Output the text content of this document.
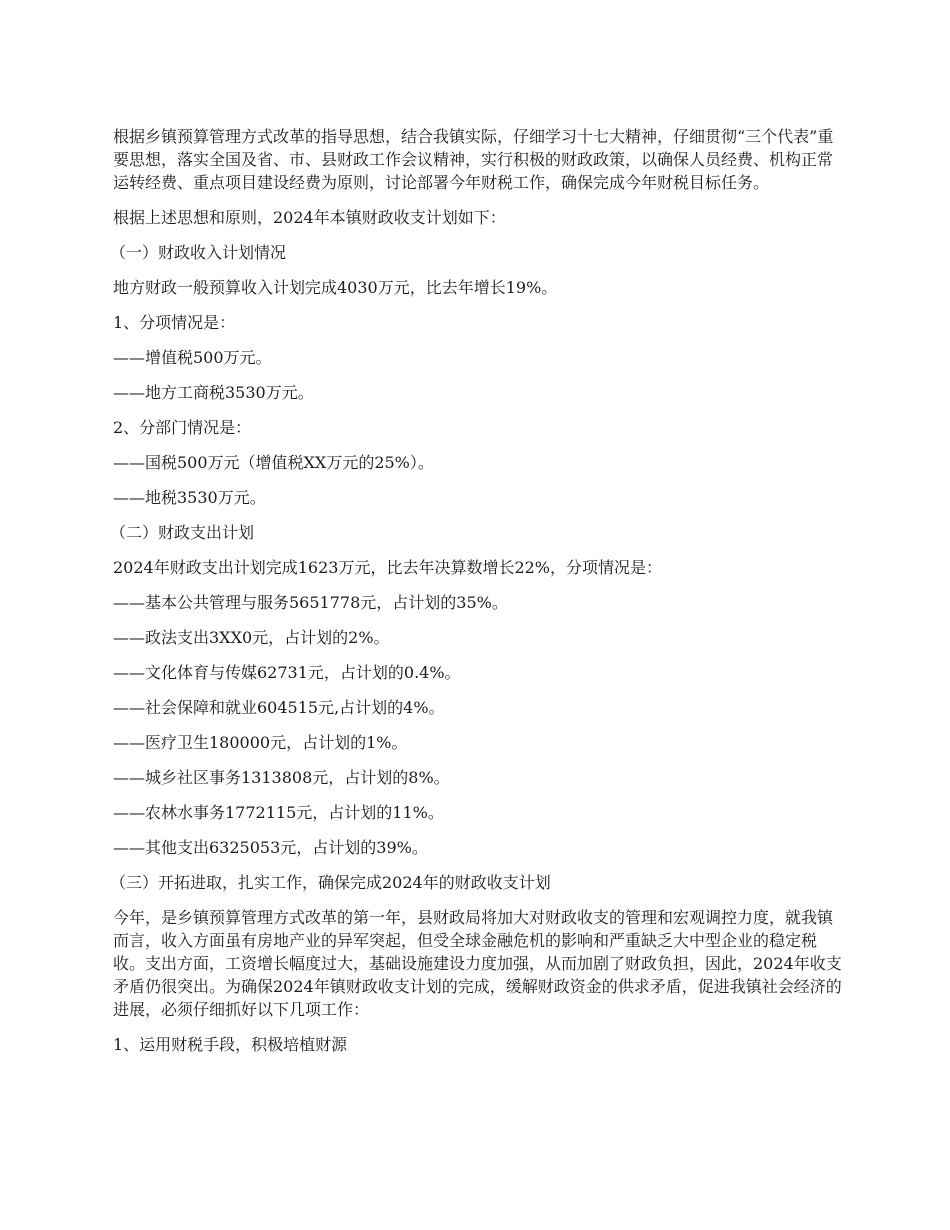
根据乡镇预算管理方式改革的指导思想，结合我镇实际，仔细学习十七大精神，仔细贯彻“三个代表”重要思想，落实全国及省、市、县财政工作会议精神，实行积极的财政政策，以确保人员经费、机构正常运转经费、重点项目建设经费为原则，讨论部署今年财税工作，确保完成今年财税目标任务。

根据上述思想和原则，2024年本镇财政收支计划如下：

（一）财政收入计划情况

地方财政一般预算收入计划完成4030万元，比去年增长19%。

1、分项情况是：

——增值税500万元。

——地方工商税3530万元。

2、分部门情况是：

——国税500万元（增值税XX万元的25%）。

——地税3530万元。

（二）财政支出计划

2024年财政支出计划完成1623万元，比去年决算数增长22%，分项情况是：

——基本公共管理与服务5651778元，占计划的35%。

——政法支出3XX0元，占计划的2%。

——文化体育与传媒62731元，占计划的0.4%。

——社会保障和就业604515元,占计划的4%。

——医疗卫生180000元，占计划的1%。

——城乡社区事务1313808元，占计划的8%。

——农林水事务1772115元，占计划的11%。

——其他支出6325053元，占计划的39%。

（三）开拓进取，扎实工作，确保完成2024年的财政收支计划

今年，是乡镇预算管理方式改革的第一年，县财政局将加大对财政收支的管理和宏观调控力度，就我镇而言，收入方面虽有房地产业的异军突起，但受全球金融危机的影响和严重缺乏大中型企业的稳定税收。支出方面，工资增长幅度过大，基础设施建设力度加强，从而加剧了财政负担，因此，2024年收支矛盾仍很突出。为确保2024年镇财政收支计划的完成，缓解财政资金的供求矛盾，促进我镇社会经济的进展，必须仔细抓好以下几项工作：

1、运用财税手段，积极培植财源
